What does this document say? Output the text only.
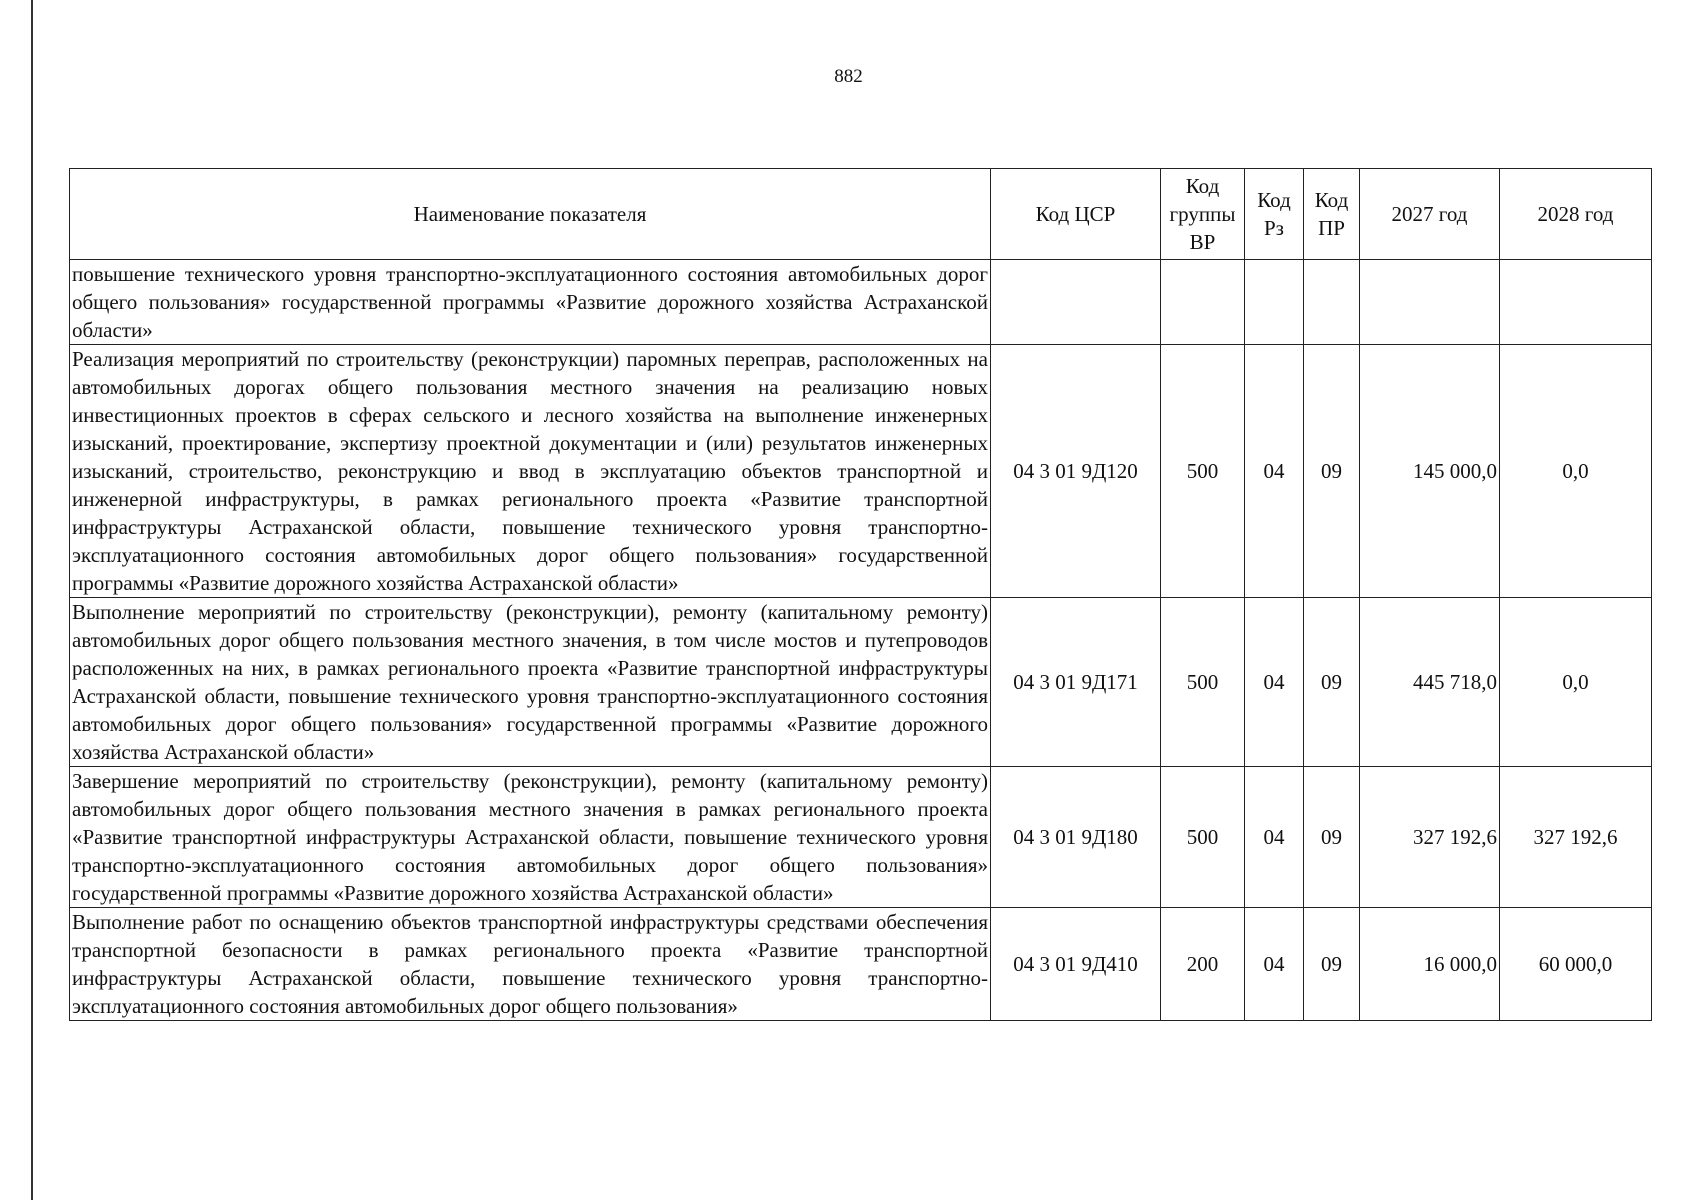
882
Наименование показателя	Код ЦСР	Код группы ВР	Код Рз	Код ПР	2027 год	2028 год
повышение технического уровня транспортно-эксплуатационного состояния автомобильных дорог общего пользования» государственной программы «Развитие дорожного хозяйства Астраханской области»						
Реализация мероприятий по строительству (реконструкции) паромных переправ, расположенных на автомобильных дорогах общего пользования местного значения на реализацию новых инвестиционных проектов в сферах сельского и лесного хозяйства на выполнение инженерных изысканий, проектирование, экспертизу проектной документации и (или) результатов инженерных изысканий, строительство, реконструкцию и ввод в эксплуатацию объектов транспортной и инженерной инфраструктуры, в рамках регионального проекта «Развитие транспортной инфраструктуры Астраханской области, повышение технического уровня транспортно-эксплуатационного состояния автомобильных дорог общего пользования» государственной программы «Развитие дорожного хозяйства Астраханской области»	04 3 01 9Д120	500	04	09	145 000,0	0,0
Выполнение мероприятий по строительству (реконструкции), ремонту (капитальному ремонту) автомобильных дорог общего пользования местного значения, в том числе мостов и путепроводов расположенных на них, в рамках регионального проекта «Развитие транспортной инфраструктуры Астраханской области, повышение технического уровня транспортно-эксплуатационного состояния автомобильных дорог общего пользования» государственной программы «Развитие дорожного хозяйства Астраханской области»	04 3 01 9Д171	500	04	09	445 718,0	0,0
Завершение мероприятий по строительству (реконструкции), ремонту (капитальному ремонту) автомобильных дорог общего пользования местного значения в рамках регионального проекта «Развитие транспортной инфраструктуры Астраханской области, повышение технического уровня транспортно-эксплуатационного состояния автомобильных дорог общего пользования» государственной программы «Развитие дорожного хозяйства Астраханской области»	04 3 01 9Д180	500	04	09	327 192,6	327 192,6
Выполнение работ по оснащению объектов транспортной инфраструктуры средствами обеспечения транспортной безопасности в рамках регионального проекта «Развитие транспортной инфраструктуры Астраханской области, повышение технического уровня транспортно-эксплуатационного состояния автомобильных дорог общего пользования»	04 3 01 9Д410	200	04	09	16 000,0	60 000,0
